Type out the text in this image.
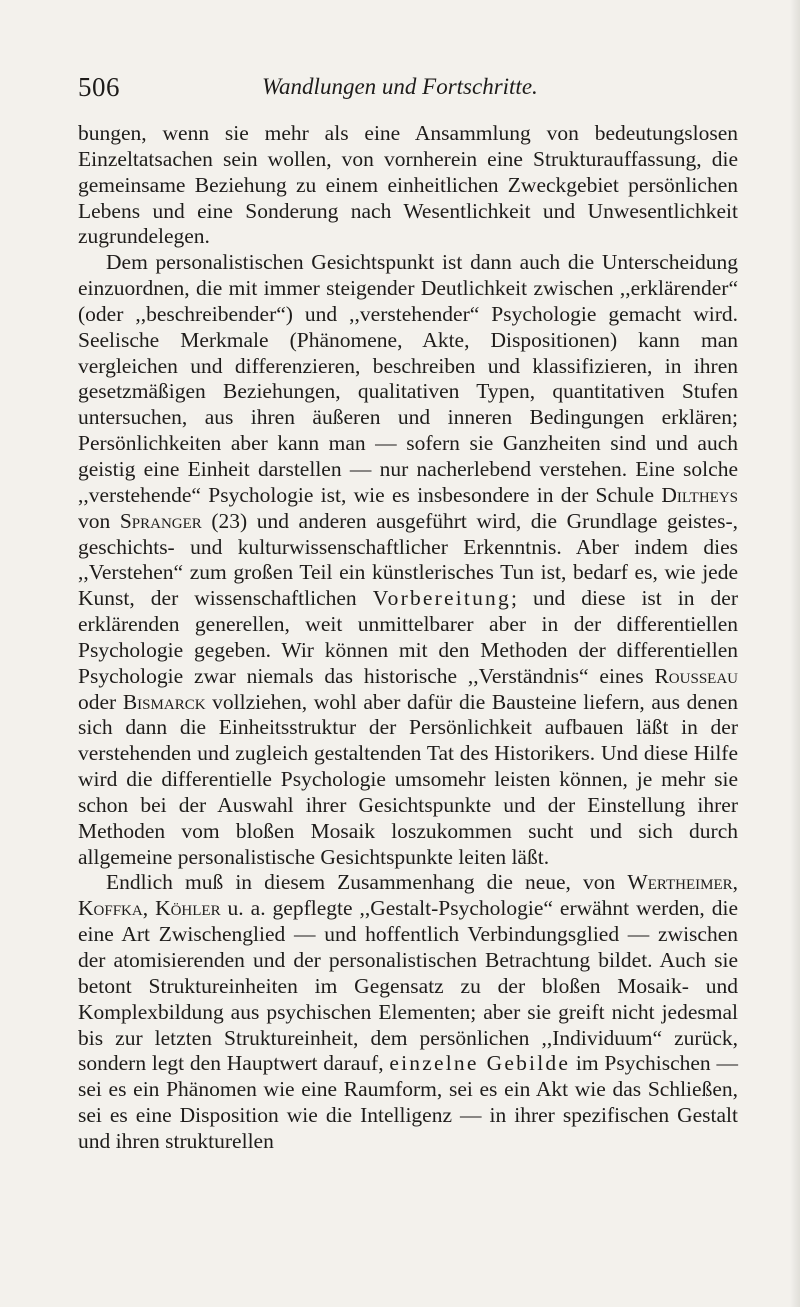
506	Wandlungen und Fortschritte.

bungen, wenn sie mehr als eine Ansammlung von bedeutungslosen Einzeltatsachen sein wollen, von vornherein eine Strukturauffassung, die gemeinsame Beziehung zu einem einheitlichen Zweckgebiet persönlichen Lebens und eine Sonderung nach Wesentlichkeit und Unwesentlichkeit zugrundelegen.

Dem personalistischen Gesichtspunkt ist dann auch die Unterscheidung einzuordnen, die mit immer steigender Deutlichkeit zwischen ,,erklärender“ (oder ,,beschreibender“) und ,,verstehender“ Psychologie gemacht wird. Seelische Merkmale (Phänomene, Akte, Dispositionen) kann man vergleichen und differenzieren, beschreiben und klassifizieren, in ihren gesetzmäßigen Beziehungen, qualitativen Typen, quantitativen Stufen untersuchen, aus ihren äußeren und inneren Bedingungen erklären; Persönlichkeiten aber kann man — sofern sie Ganzheiten sind und auch geistig eine Einheit darstellen — nur nacherlebend verstehen. Eine solche ,,verstehende“ Psychologie ist, wie es insbesondere in der Schule Diltheys von Spranger (23) und anderen ausgeführt wird, die Grundlage geistes-, geschichts- und kulturwissenschaftlicher Erkenntnis. Aber indem dies ,,Verstehen“ zum großen Teil ein künstlerisches Tun ist, bedarf es, wie jede Kunst, der wissenschaftlichen Vorbereitung; und diese ist in der erklärenden generellen, weit unmittelbarer aber in der differentiellen Psychologie gegeben. Wir können mit den Methoden der differentiellen Psychologie zwar niemals das historische ,,Verständnis“ eines Rousseau oder Bismarck vollziehen, wohl aber dafür die Bausteine liefern, aus denen sich dann die Einheitsstruktur der Persönlichkeit aufbauen läßt in der verstehenden und zugleich gestaltenden Tat des Historikers. Und diese Hilfe wird die differentielle Psychologie umsomehr leisten können, je mehr sie schon bei der Auswahl ihrer Gesichtspunkte und der Einstellung ihrer Methoden vom bloßen Mosaik loszukommen sucht und sich durch allgemeine personalistische Gesichtspunkte leiten läßt.

Endlich muß in diesem Zusammenhang die neue, von Wertheimer, Koffka, Köhler u. a. gepflegte ,,Gestalt-Psychologie“ erwähnt werden, die eine Art Zwischenglied — und hoffentlich Verbindungsglied — zwischen der atomisierenden und der personalistischen Betrachtung bildet. Auch sie betont Struktureinheiten im Gegensatz zu der bloßen Mosaik- und Komplexbildung aus psychischen Elementen; aber sie greift nicht jedesmal bis zur letzten Struktureinheit, dem persönlichen ,,Individuum“ zurück, sondern legt den Hauptwert darauf, einzelne Gebilde im Psychischen — sei es ein Phänomen wie eine Raumform, sei es ein Akt wie das Schließen, sei es eine Disposition wie die Intelligenz — in ihrer spezifischen Gestalt und ihren strukturellen
